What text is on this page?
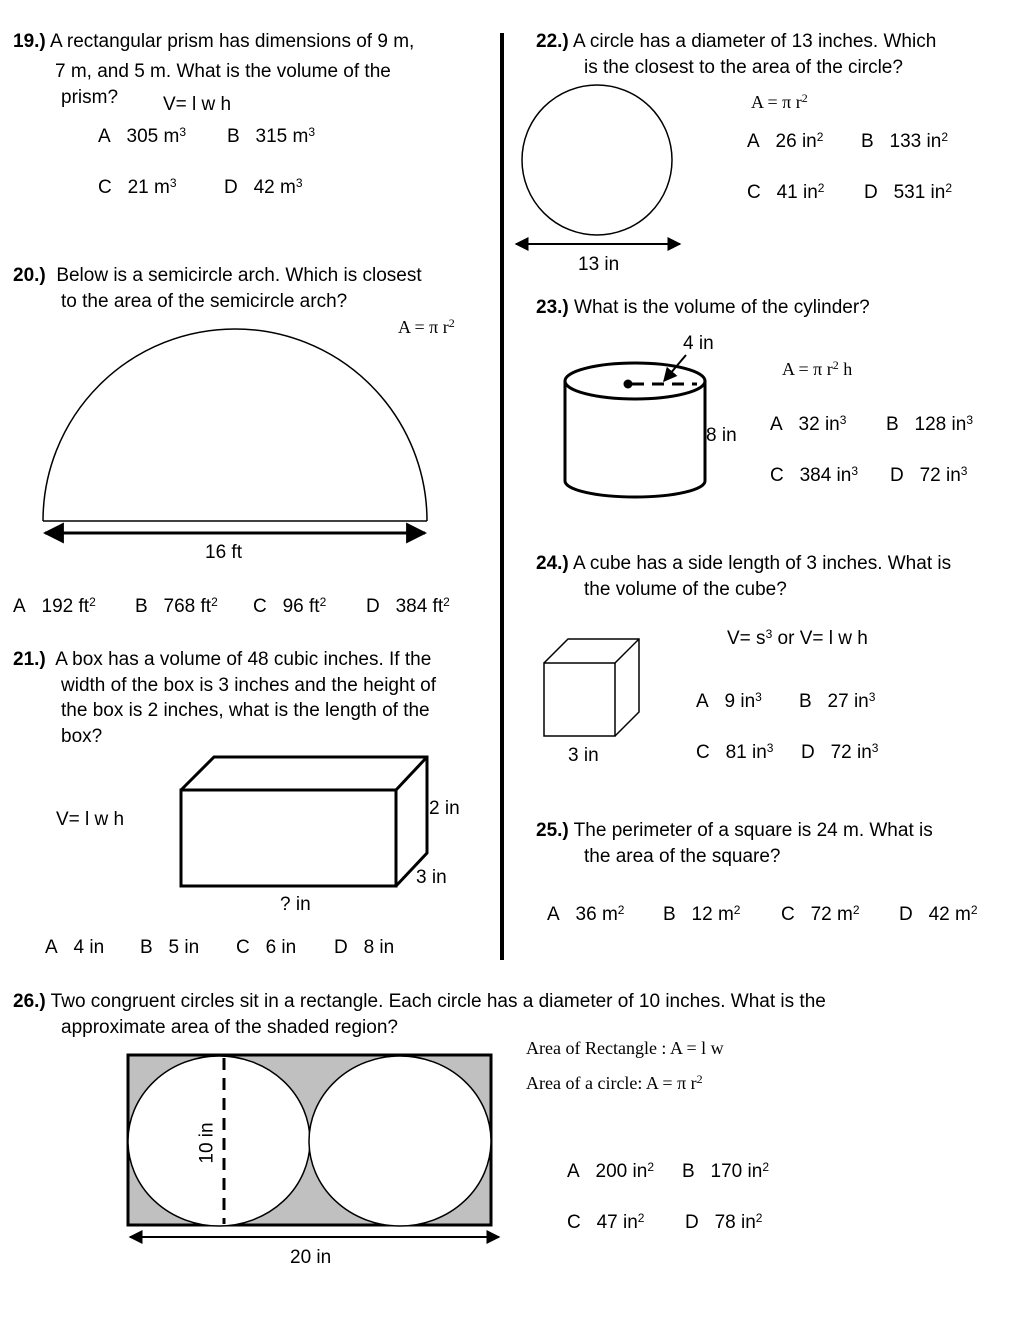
19.) A rectangular prism has dimensions of 9 m,
7 m, and 5 m. What is the volume of the
prism? V= l w h
A 305 $m^3$ B 315 $m^3$
C 21 $m^3$ D 42 $m^3$
20.) Below is a semicircle arch. Which is closest
to the area of the semicircle arch?
A = π $r^2$
16 ft
A 192 $ft^2$ B 768 $ft^2$ C 96 $ft^2$ D 384 $ft^2$
21.) A box has a volume of 48 cubic inches. If the
width of the box is 3 inches and the height of
the box is 2 inches, what is the length of the
box?
V= l w h
2 in
3 in
? in
A 4 in B 5 in C 6 in D 8 in
22.) A circle has a diameter of 13 inches. Which
is the closest to the area of the circle?
A = π $r^2$
13 in
A 26 $in^2$ B 133 $in^2$
C 41 $in^2$ D 531 $in^2$
23.) What is the volume of the cylinder?
4 in
A = π $r^2$ h
8 in
A 32 $in^3$ B 128 $in^3$
C 384 $in^3$ D 72 $in^3$
24.) A cube has a side length of 3 inches. What is
the volume of the cube?
$V= s^3$ or V= l w h
3 in
A 9 $in^3$ B 27 $in^3$
C 81 $in^3$ D 72 $in^3$
25.) The perimeter of a square is 24 m. What is
the area of the square?
A 36 $m^2$ B 12 $m^2$ C 72 $m^2$ D 42 $m^2$
26.) Two congruent circles sit in a rectangle. Each circle has a diameter of 10 inches. What is the
approximate area of the shaded region?
Area of Rectangle : A = l w
Area of a circle: A = π $r^2$
10 in
20 in
A 200 $in^2$ B 170 $in^2$
C 47 $in^2$ D 78 $in^2$
